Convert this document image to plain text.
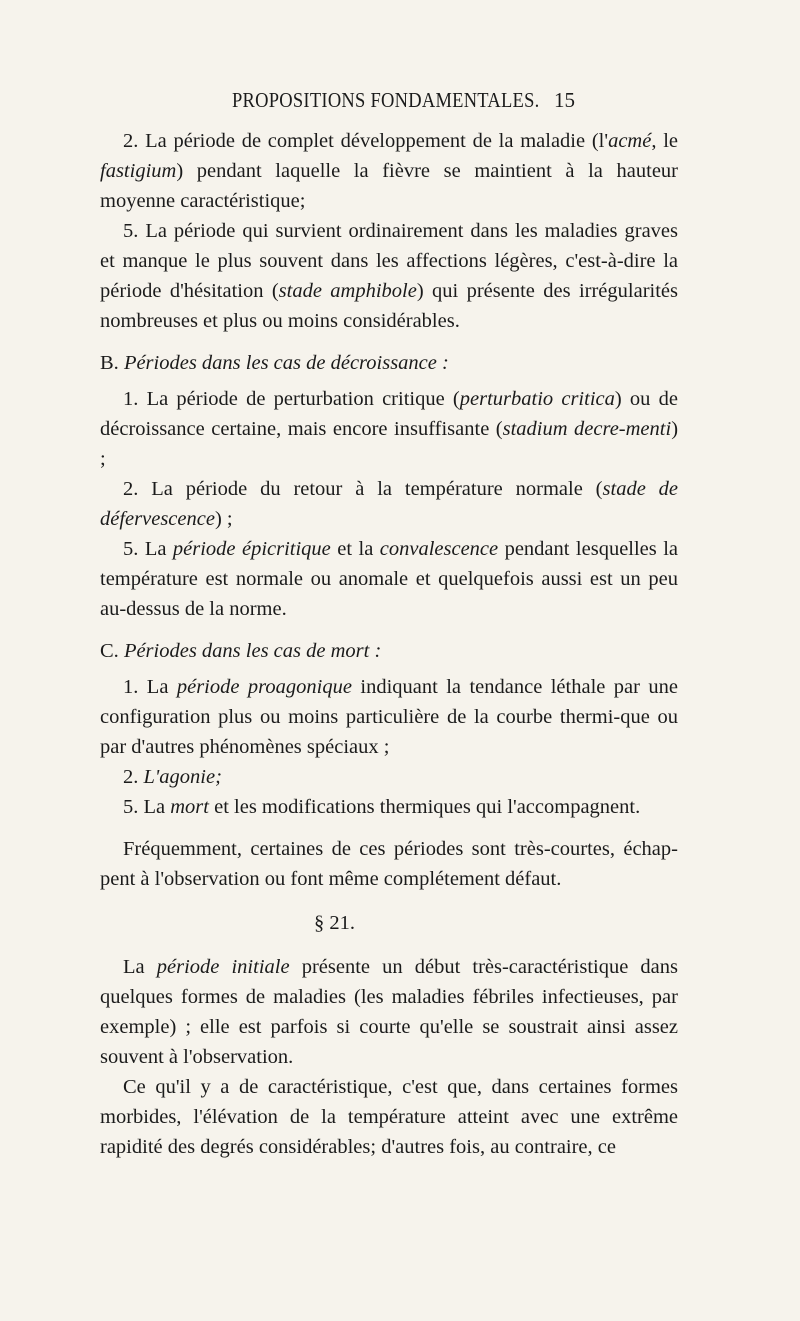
PROPOSITIONS FONDAMENTALES. 15

2. La période de complet développement de la maladie (l'acmé, le fastigium) pendant laquelle la fièvre se maintient à la hauteur moyenne caractéristique;

5. La période qui survient ordinairement dans les maladies graves et manque le plus souvent dans les affections légères, c'est-à-dire la période d'hésitation (stade amphibole) qui présente des irrégularités nombreuses et plus ou moins considérables.

B. Périodes dans les cas de décroissance :

1. La période de perturbation critique (perturbatio critica) ou de décroissance certaine, mais encore insuffisante (stadium decre-menti) ;

2. La période du retour à la température normale (stade de défervescence) ;

5. La période épicritique et la convalescence pendant lesquelles la température est normale ou anomale et quelquefois aussi est un peu au-dessus de la norme.

C. Périodes dans les cas de mort :

1. La période proagonique indiquant la tendance léthale par une configuration plus ou moins particulière de la courbe thermi-que ou par d'autres phénomènes spéciaux ;

2. L'agonie;

5. La mort et les modifications thermiques qui l'accompagnent.

Fréquemment, certaines de ces périodes sont très-courtes, échap-pent à l'observation ou font même complétement défaut.

§ 21.

La période initiale présente un début très-caractéristique dans quelques formes de maladies (les maladies fébriles infectieuses, par exemple) ; elle est parfois si courte qu'elle se soustrait ainsi assez souvent à l'observation.

Ce qu'il y a de caractéristique, c'est que, dans certaines formes morbides, l'élévation de la température atteint avec une extrême rapidité des degrés considérables; d'autres fois, au contraire, ce
